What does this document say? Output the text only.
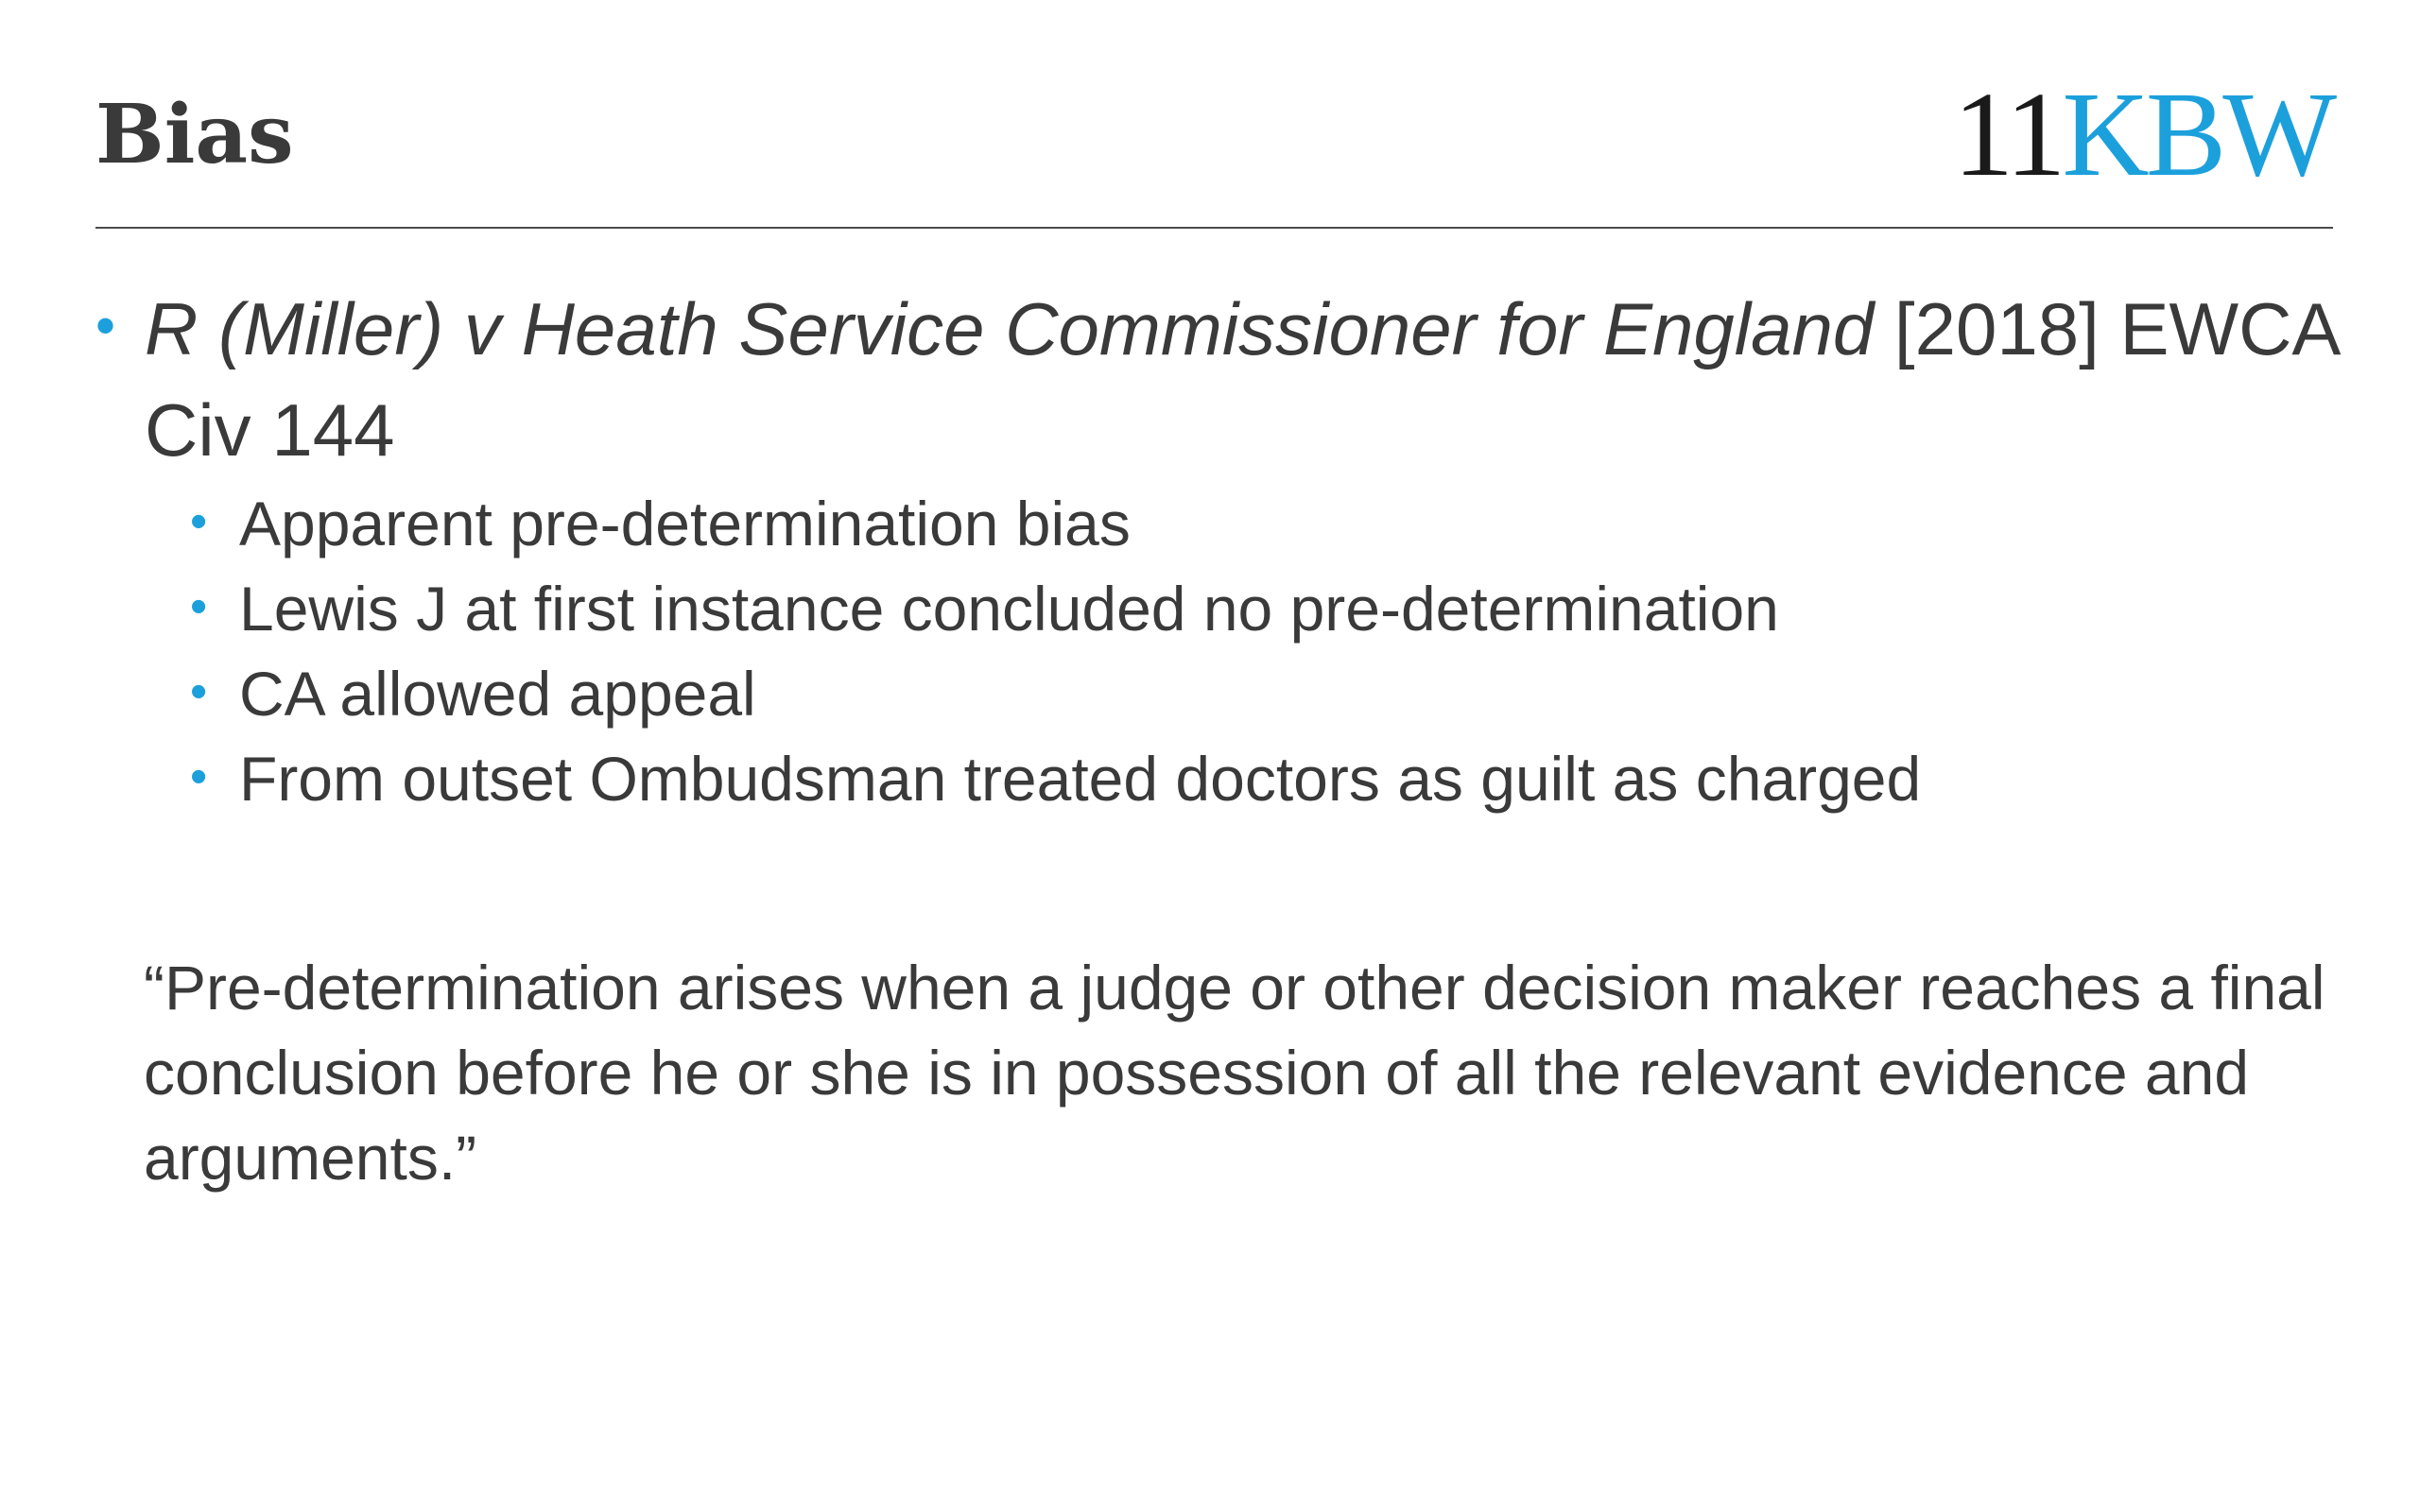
Bias	11KBW
• R (Miller) v Heath Service Commissioner for England [2018] EWCA Civ 144
• Apparent pre-determination bias
• Lewis J at first instance concluded no pre-determination
• CA allowed appeal
• From outset Ombudsman treated doctors as guilt as charged
“Pre-determination arises when a judge or other decision maker reaches a final conclusion before he or she is in possession of all the relevant evidence and arguments.”
